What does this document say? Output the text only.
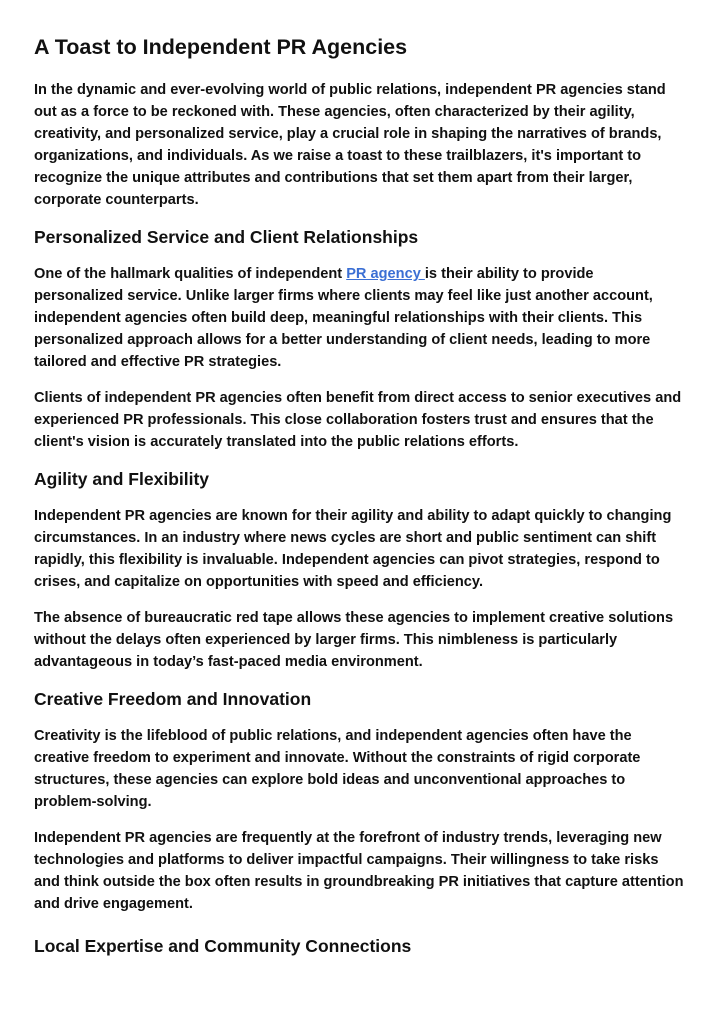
A Toast to Independent PR Agencies

In the dynamic and ever-evolving world of public relations, independent PR agencies stand out as a force to be reckoned with. These agencies, often characterized by their agility, creativity, and personalized service, play a crucial role in shaping the narratives of brands, organizations, and individuals. As we raise a toast to these trailblazers, it's important to recognize the unique attributes and contributions that set them apart from their larger, corporate counterparts.

Personalized Service and Client Relationships

One of the hallmark qualities of independent PR agency is their ability to provide personalized service. Unlike larger firms where clients may feel like just another account, independent agencies often build deep, meaningful relationships with their clients. This personalized approach allows for a better understanding of client needs, leading to more tailored and effective PR strategies.

Clients of independent PR agencies often benefit from direct access to senior executives and experienced PR professionals. This close collaboration fosters trust and ensures that the client's vision is accurately translated into the public relations efforts.

Agility and Flexibility

Independent PR agencies are known for their agility and ability to adapt quickly to changing circumstances. In an industry where news cycles are short and public sentiment can shift rapidly, this flexibility is invaluable. Independent agencies can pivot strategies, respond to crises, and capitalize on opportunities with speed and efficiency.

The absence of bureaucratic red tape allows these agencies to implement creative solutions without the delays often experienced by larger firms. This nimbleness is particularly advantageous in today’s fast-paced media environment.

Creative Freedom and Innovation

Creativity is the lifeblood of public relations, and independent agencies often have the creative freedom to experiment and innovate. Without the constraints of rigid corporate structures, these agencies can explore bold ideas and unconventional approaches to problem-solving.

Independent PR agencies are frequently at the forefront of industry trends, leveraging new technologies and platforms to deliver impactful campaigns. Their willingness to take risks and think outside the box often results in groundbreaking PR initiatives that capture attention and drive engagement.

Local Expertise and Community Connections
